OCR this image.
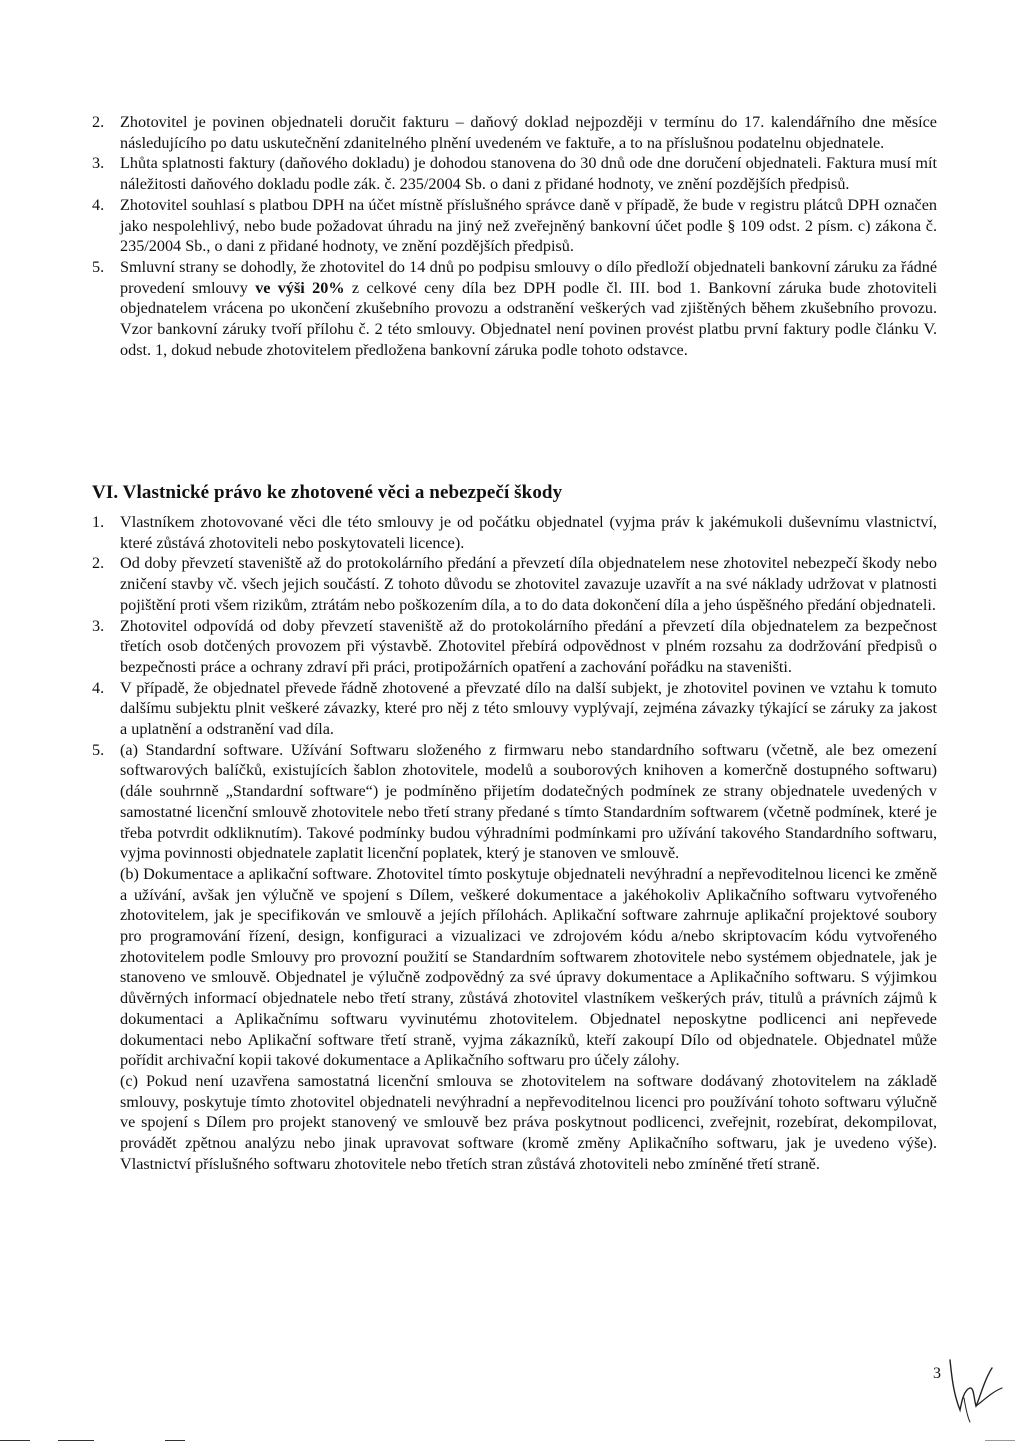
2. Zhotovitel je povinen objednateli doručit fakturu – daňový doklad nejpozději v termínu do 17. kalendářního dne měsíce následujícího po datu uskutečnění zdanitelného plnění uvedeném ve faktuře, a to na příslušnou podatelnu objednatele.
3. Lhůta splatnosti faktury (daňového dokladu) je dohodou stanovena do 30 dnů ode dne doručení objednateli. Faktura musí mít náležitosti daňového dokladu podle zák. č. 235/2004 Sb. o dani z přidané hodnoty, ve znění pozdějších předpisů.
4. Zhotovitel souhlasí s platbou DPH na účet místně příslušného správce daně v případě, že bude v registru plátců DPH označen jako nespolehlivý, nebo bude požadovat úhradu na jiný než zveřejněný bankovní účet podle § 109 odst. 2 písm. c) zákona č. 235/2004 Sb., o dani z přidané hodnoty, ve znění pozdějších předpisů.
5. Smluvní strany se dohodly, že zhotovitel do 14 dnů po podpisu smlouvy o dílo předloží objednateli bankovní záruku za řádné provedení smlouvy ve výši 20% z celkové ceny díla bez DPH podle čl. III. bod 1. Bankovní záruka bude zhotoviteli objednatelem vrácena po ukončení zkušebního provozu a odstranění veškerých vad zjištěných během zkušebního provozu. Vzor bankovní záruky tvoří přílohu č. 2 této smlouvy. Objednatel není povinen provést platbu první faktury podle článku V. odst. 1, dokud nebude zhotovitelem předložena bankovní záruka podle tohoto odstavce.
VI. Vlastnické právo ke zhotovené věci a nebezpečí škody
1. Vlastníkem zhotovované věci dle této smlouvy je od počátku objednatel (vyjma práv k jakémukoli duševnímu vlastnictví, které zůstává zhotoviteli nebo poskytovateli licence).
2. Od doby převzetí staveniště až do protokolárního předání a převzetí díla objednatelem nese zhotovitel nebezpečí škody nebo zničení stavby vč. všech jejich součástí. Z tohoto důvodu se zhotovitel zavazuje uzavřít a na své náklady udržovat v platnosti pojištění proti všem rizikům, ztrátám nebo poškozením díla, a to do data dokončení díla a jeho úspěšného předání objednateli.
3. Zhotovitel odpovídá od doby převzetí staveniště až do protokolárního předání a převzetí díla objednatelem za bezpečnost třetích osob dotčených provozem při výstavbě. Zhotovitel přebírá odpovědnost v plném rozsahu za dodržování předpisů o bezpečnosti práce a ochrany zdraví při práci, protipožárních opatření a zachování pořádku na staveništi.
4. V případě, že objednatel převede řádně zhotovené a převzaté dílo na další subjekt, je zhotovitel povinen ve vztahu k tomuto dalšímu subjektu plnit veškeré závazky, které pro něj z této smlouvy vyplývají, zejména závazky týkající se záruky za jakost a uplatnění a odstranění vad díla.
5. (a) Standardní software. Užívání Softwaru složeného z firmwaru nebo standardního softwaru (včetně, ale bez omezení softwarových balíčků, existujících šablon zhotovitele, modelů a souborových knihoven a komerčně dostupného softwaru) (dále souhrnně „Standardní software“) je podmíněno přijetím dodatečných podmínek ze strany objednatele uvedených v samostatné licenční smlouvě zhotovitele nebo třetí strany předané s tímto Standardním softwarem (včetně podmínek, které je třeba potvrdit odkliknutím). Takové podmínky budou výhradními podmínkami pro užívání takového Standardního softwaru, vyjma povinnosti objednatele zaplatit licenční poplatek, který je stanoven ve smlouvě.

(b) Dokumentace a aplikační software. Zhotovitel tímto poskytuje objednateli nevýhradní a nepřevoditelnou licenci ke změně a užívání, avšak jen výlučně ve spojení s Dílem, veškeré dokumentace a jakéhokoliv Aplikačního softwaru vytvořeného zhotovitelem, jak je specifikován ve smlouvě a jejích přílohách. Aplikační software zahrnuje aplikační projektové soubory pro programování řízení, design, konfiguraci a vizualizaci ve zdrojovém kódu a/nebo skriptovacím kódu vytvořeného zhotovitelem podle Smlouvy pro provozní použití se Standardním softwarem zhotovitele nebo systémem objednatele, jak je stanoveno ve smlouvě. Objednatel je výlučně zodpovědný za své úpravy dokumentace a Aplikačního softwaru. S výjimkou důvěrných informací objednatele nebo třetí strany, zůstává zhotovitel vlastníkem veškerých práv, titulů a právních zájmů k dokumentaci a Aplikačnímu softwaru vyvinutému zhotovitelem. Objednatel neposkytne podlicenci ani nepřevede dokumentaci nebo Aplikační software třetí straně, vyjma zákazníků, kteří zakoupí Dílo od objednatele. Objednatel může pořídit archivační kopii takové dokumentace a Aplikačního softwaru pro účely zálohy.

(c) Pokud není uzavřena samostatná licenční smlouva se zhotovitelem na software dodávaný zhotovitelem na základě smlouvy, poskytuje tímto zhotovitel objednateli nevýhradní a nepřevoditelnou licenci pro používání tohoto softwaru výlučně ve spojení s Dílem pro projekt stanovený ve smlouvě bez práva poskytnout podlicenci, zveřejnit, rozebírat, dekompilovat, provádět zpětnou analýzu nebo jinak upravovat software (kromě změny Aplikačního softwaru, jak je uvedeno výše). Vlastnictví příslušného softwaru zhotovitele nebo třetích stran zůstává zhotoviteli nebo zmíněné třetí straně.

3
